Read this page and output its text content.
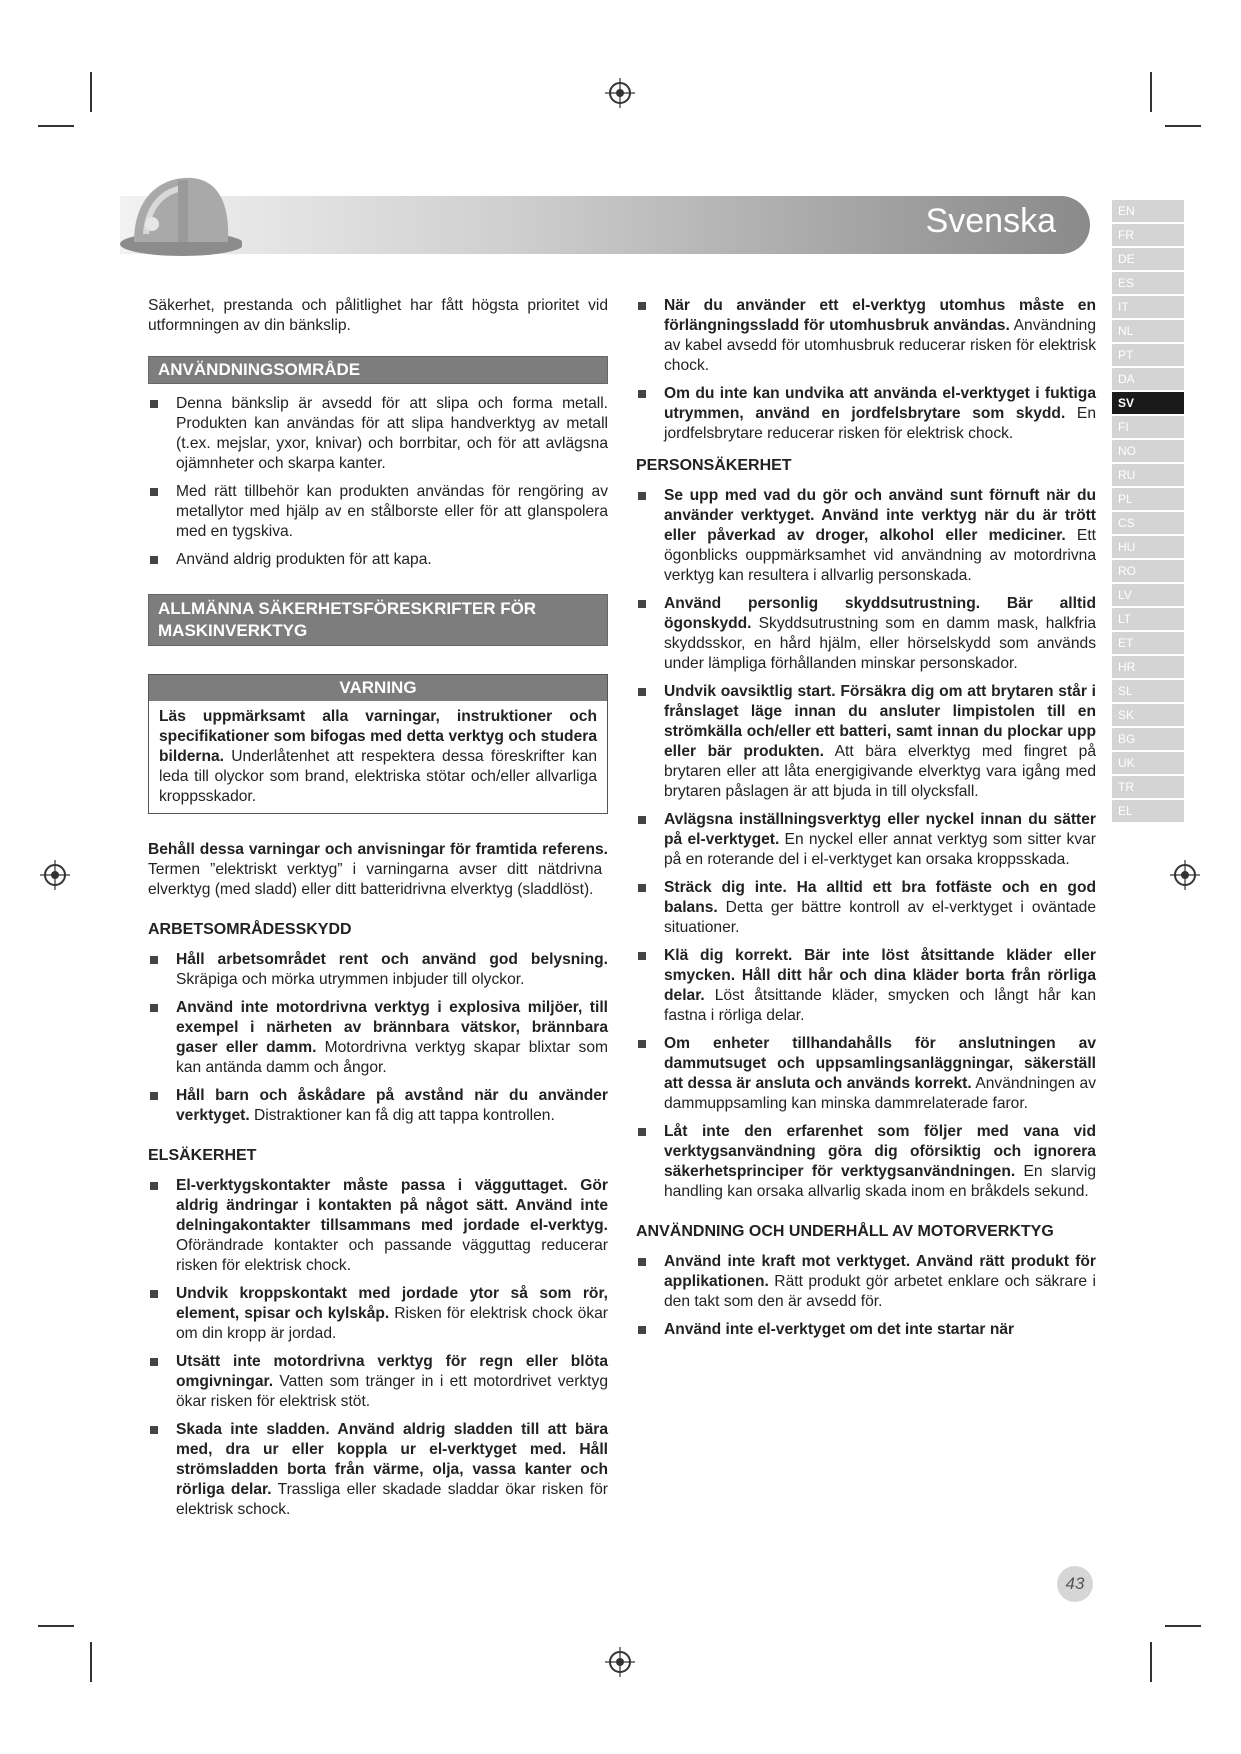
Svenska	EN
FR
DE
ES
IT
NL
PT
DA
SV
FI
NO
RU
PL
CS
HU
RO
LV
LT
ET
HR
SL
SK
BG
UK
TR
EL

Säkerhet, prestanda och pålitlighet har fått högsta prioritet vid utformningen av din bänkslip.

ANVÄNDNINGSOMRÅDE
Denna bänkslip är avsedd för att slipa och forma metall. Produkten kan användas för att slipa handverktyg av metall (t.ex. mejslar, yxor, knivar) och borrbitar, och för att avlägsna ojämnheter och skarpa kanter.
Med rätt tillbehör kan produkten användas för rengöring av metallytor med hjälp av en stålborste eller för att glanspolera med en tygskiva.
Använd aldrig produkten för att kapa.
ALLMÄNNA SÄKERHETSFÖRESKRIFTER FÖR MASKINVERKTYG
VARNING
Läs uppmärksamt alla varningar, instruktioner och specifikationer som bifogas med detta verktyg och studera bilderna. Underlåtenhet att respektera dessa föreskrifter kan leda till olyckor som brand, elektriska stötar och/eller allvarliga kroppsskador.

Behåll dessa varningar och anvisningar för framtida referens. Termen ”elektriskt verktyg” i varningarna avser ditt nätdrivna elverktyg (med sladd) eller ditt batteridrivna elverktyg (sladdlöst).

ARBETSOMRÅDESSKYDD
Håll arbetsområdet rent och använd god belysning. Skräpiga och mörka utrymmen inbjuder till olyckor.
Använd inte motordrivna verktyg i explosiva miljöer, till exempel i närheten av brännbara vätskor, brännbara gaser eller damm. Motordrivna verktyg skapar blixtar som kan antända damm och ångor.
Håll barn och åskådare på avstånd när du använder verktyget. Distraktioner kan få dig att tappa kontrollen.
ELSÄKERHET
El-verktygskontakter måste passa i vägguttaget. Gör aldrig ändringar i kontakten på något sätt. Använd inte delningakontakter tillsammans med jordade el-verktyg. Oförändrade kontakter och passande vägguttag reducerar risken för elektrisk chock.
Undvik kroppskontakt med jordade ytor så som rör, element, spisar och kylskåp. Risken för elektrisk chock ökar om din kropp är jordad.
Utsätt inte motordrivna verktyg för regn eller blöta omgivningar. Vatten som tränger in i ett motordrivet verktyg ökar risken för elektrisk stöt.
Skada inte sladden. Använd aldrig sladden till att bära med, dra ur eller koppla ur el-verktyget med. Håll strömsladden borta från värme, olja, vassa kanter och rörliga delar. Trassliga eller skadade sladdar ökar risken för elektrisk schock.
När du använder ett el-verktyg utomhus måste en förlängningssladd för utomhusbruk användas. Användning av kabel avsedd för utomhusbruk reducerar risken för elektrisk chock.
Om du inte kan undvika att använda el-verktyget i fuktiga utrymmen, använd en jordfelsbrytare som skydd. En jordfelsbrytare reducerar risken för elektrisk chock.
PERSONSÄKERHET
Se upp med vad du gör och använd sunt förnuft när du använder verktyget. Använd inte verktyg när du är trött eller påverkad av droger, alkohol eller mediciner. Ett ögonblicks ouppmärksamhet vid användning av motordrivna verktyg kan resultera i allvarlig personskada.
Använd personlig skyddsutrustning. Bär alltid ögonskydd. Skyddsutrustning som en damm mask, halkfria skyddsskor, en hård hjälm, eller hörselskydd som används under lämpliga förhållanden minskar personskador.
Undvik oavsiktlig start. Försäkra dig om att brytaren står i frånslaget läge innan du ansluter limpistolen till en strömkälla och/eller ett batteri, samt innan du plockar upp eller bär produkten. Att bära elverktyg med fingret på brytaren eller att låta energigivande elverktyg vara igång med brytaren påslagen är att bjuda in till olycksfall.
Avlägsna inställningsverktyg eller nyckel innan du sätter på el-verktyget. En nyckel eller annat verktyg som sitter kvar på en roterande del i el-verktyget kan orsaka kroppsskada.
Sträck dig inte. Ha alltid ett bra fotfäste och en god balans. Detta ger bättre kontroll av el-verktyget i oväntade situationer.
Klä dig korrekt. Bär inte löst åtsittande kläder eller smycken. Håll ditt hår och dina kläder borta från rörliga delar. Löst åtsittande kläder, smycken och långt hår kan fastna i rörliga delar.
Om enheter tillhandahålls för anslutningen av dammutsuget och uppsamlingsanläggningar, säkerställ att dessa är ansluta och används korrekt. Användningen av dammuppsamling kan minska dammrelaterade faror.
Låt inte den erfarenhet som följer med vana vid verktygsanvändning göra dig oförsiktig och ignorera säkerhetsprinciper för verktygsanvändningen. En slarvig handling kan orsaka allvarlig skada inom en bråkdels sekund.
ANVÄNDNING OCH UNDERHÅLL AV MOTORVERKTYG
Använd inte kraft mot verktyget. Använd rätt produkt för applikationen. Rätt produkt gör arbetet enklare och säkrare i den takt som den är avsedd för.
Använd inte el-verktyget om det inte startar när
43
